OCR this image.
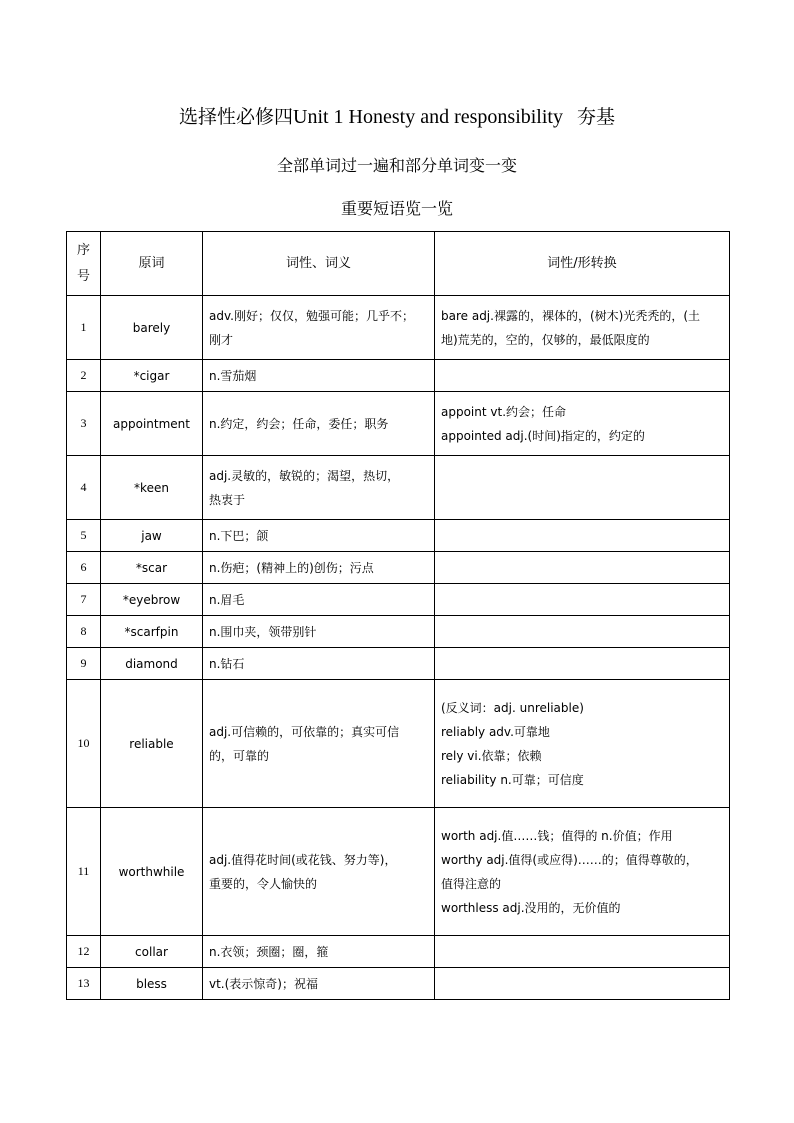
选择性必修四Unit 1 Honesty and responsibility 夯基
全部单词过一遍和部分单词变一变
重要短语览一览
序号	原词	词性、词义	词性/形转换
1	barely	adv.刚好；仅仅，勉强可能；几乎不；
刚才	bare adj.裸露的，裸体的，(树木)光秃秃的，(土
地)荒芜的，空的，仅够的，最低限度的

2	*cigar	n.雪茄烟	

3	appointment	n.约定，约会；任命，委任；职务	appoint vt.约会；任命
appointed adj.(时间)指定的，约定的

4	*keen	adj.灵敏的，敏锐的；渴望，热切，
热衷于	

5	jaw	n.下巴；颌	

6	*scar	n.伤疤；(精神上的)创伤；污点	

7	*eyebrow	n.眉毛	

8	*scarfpin	n.围巾夹，领带别针	

9	diamond	n.钻石	

10	reliable	adj.可信赖的，可依靠的；真实可信
的，可靠的	(反义词：adj. unreliable)
reliably adv.可靠地
rely vi.依靠；依赖
reliability n.可靠；可信度

11	worthwhile	adj.值得花时间(或花钱、努力等)，
重要的，令人愉快的	worth adj.值……钱；值得的 n.价值；作用
worthy adj.值得(或应得)……的；值得尊敬的，
值得注意的
worthless adj.没用的，无价值的

12	collar	n.衣领；颈圈；圈，箍	

13	bless	vt.(表示惊奇)；祝福	
